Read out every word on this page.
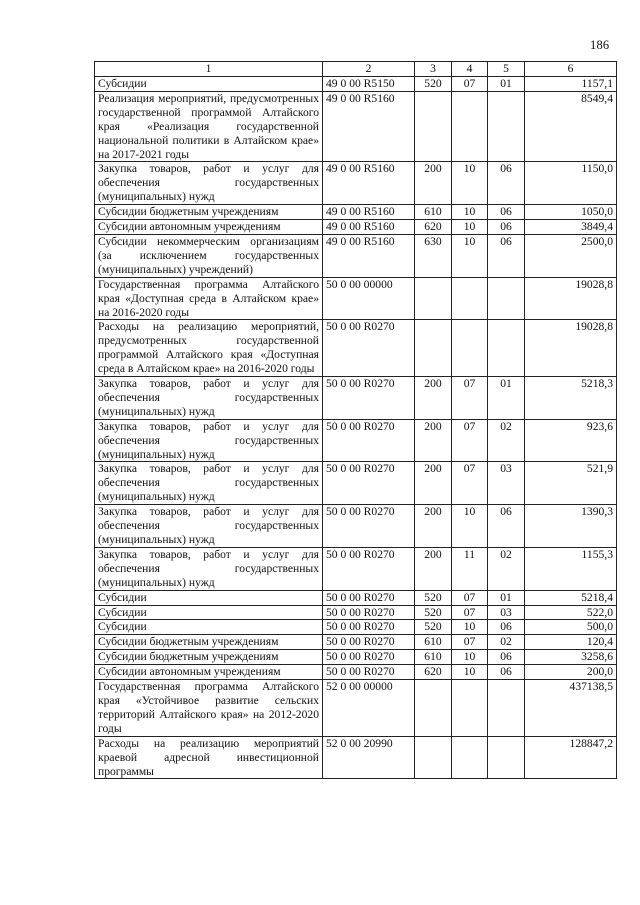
186
1	2	3	4	5	6
Субсидии	49 0 00 R5150	520	07	01	1157,1
Реализация мероприятий, предусмотренных государственной программой Алтайского края «Реализация государственной национальной политики в Алтайском крае» на 2017-2021 годы	49 0 00 R5160				8549,4
Закупка товаров, работ и услуг для обеспечения государственных (муниципальных) нужд	49 0 00 R5160	200	10	06	1150,0
Субсидии бюджетным учреждениям	49 0 00 R5160	610	10	06	1050,0
Субсидии автономным учреждениям	49 0 00 R5160	620	10	06	3849,4
Субсидии некоммерческим организациям (за исключением государственных (муниципальных) учреждений)	49 0 00 R5160	630	10	06	2500,0
Государственная программа Алтайского края «Доступная среда в Алтайском крае» на 2016-2020 годы	50 0 00 00000				19028,8
Расходы на реализацию мероприятий, предусмотренных государственной программой Алтайского края «Доступная среда в Алтайском крае» на 2016-2020 годы	50 0 00 R0270				19028,8
Закупка товаров, работ и услуг для обеспечения государственных (муниципальных) нужд	50 0 00 R0270	200	07	01	5218,3
Закупка товаров, работ и услуг для обеспечения государственных (муниципальных) нужд	50 0 00 R0270	200	07	02	923,6
Закупка товаров, работ и услуг для обеспечения государственных (муниципальных) нужд	50 0 00 R0270	200	07	03	521,9
Закупка товаров, работ и услуг для обеспечения государственных (муниципальных) нужд	50 0 00 R0270	200	10	06	1390,3
Закупка товаров, работ и услуг для обеспечения государственных (муниципальных) нужд	50 0 00 R0270	200	11	02	1155,3
Субсидии	50 0 00 R0270	520	07	01	5218,4
Субсидии	50 0 00 R0270	520	07	03	522,0
Субсидии	50 0 00 R0270	520	10	06	500,0
Субсидии бюджетным учреждениям	50 0 00 R0270	610	07	02	120,4
Субсидии бюджетным учреждениям	50 0 00 R0270	610	10	06	3258,6
Субсидии автономным учреждениям	50 0 00 R0270	620	10	06	200,0
Государственная программа Алтайского края «Устойчивое развитие сельских территорий Алтайского края» на 2012-2020 годы	52 0 00 00000				437138,5
Расходы на реализацию мероприятий краевой адресной инвестиционной программы	52 0 00 20990				128847,2
